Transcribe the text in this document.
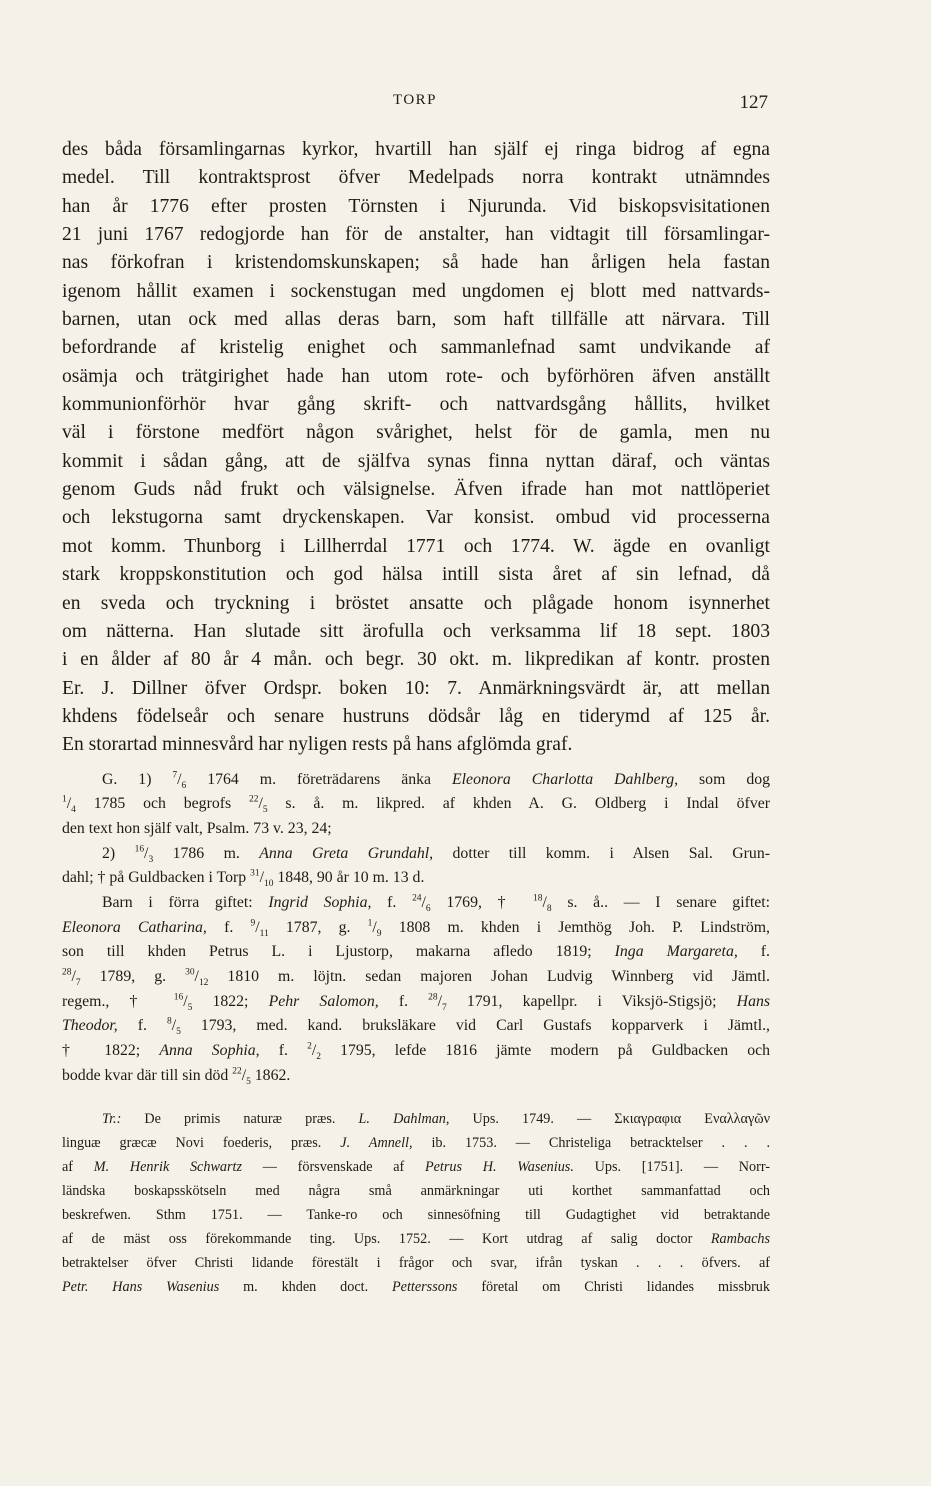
TORP	127
des båda församlingarnas kyrkor, hvartill han själf ej ringa bidrog af egna
medel. Till kontraktsprost öfver Medelpads norra kontrakt utnämndes
han år 1776 efter prosten Törnsten i Njurunda. Vid biskopsvisitationen
21 juni 1767 redogjorde han för de anstalter, han vidtagit till församlingar-
nas förkofran i kristendomskunskapen; så hade han årligen hela fastan
igenom hållit examen i sockenstugan med ungdomen ej blott med nattvards-
barnen, utan ock med allas deras barn, som haft tillfälle att närvara. Till
befordrande af kristelig enighet och sammanlefnad samt undvikande af
osämja och trätgirighet hade han utom rote- och byförhören äfven anställt
kommunionförhör hvar gång skrift- och nattvardsgång hållits, hvilket
väl i förstone medfört någon svårighet, helst för de gamla, men nu
kommit i sådan gång, att de själfva synas finna nyttan däraf, och väntas
genom Guds nåd frukt och välsignelse. Äfven ifrade han mot nattlöperiet
och lekstugorna samt dryckenskapen. Var konsist. ombud vid processerna
mot komm. Thunborg i Lillherrdal 1771 och 1774. W. ägde en ovanligt
stark kroppskonstitution och god hälsa intill sista året af sin lefnad, då
en sveda och tryckning i bröstet ansatte och plågade honom isynnerhet
om nätterna. Han slutade sitt ärofulla och verksamma lif 18 sept. 1803
i en ålder af 80 år 4 mån. och begr. 30 okt. m. likpredikan af kontr. prosten
Er. J. Dillner öfver Ordspr. boken 10: 7. Anmärkningsvärdt är, att mellan
khdens födelseår och senare hustruns dödsår låg en tiderymd af 125 år.
En storartad minnesvård har nyligen rests på hans afglömda graf.
G. 1) $^7/_6$ 1764 m. företrädarens änka Eleonora Charlotta Dahlberg, som dog
$^1/_4$ 1785 och begrofs $^{22}/_5$ s. å. m. likpred. af khden A. G. Oldberg i Indal öfver
den text hon själf valt, Psalm. 73 v. 23, 24;
2) $^{16}/_3$ 1786 m. Anna Greta Grundahl, dotter till komm. i Alsen Sal. Grun-
dahl; † på Guldbacken i Torp $^{31}/_{10}$ 1848, 90 år 10 m. 13 d.
Barn i förra giftet: Ingrid Sophia, f. $^{24}/_6$ 1769, † $^{18}/_8$ s. å.. — I senare giftet:
Eleonora Catharina, f. $^9/_{11}$ 1787, g. $^1/_9$ 1808 m. khden i Jemthög Joh. P. Lindström,
son till khden Petrus L. i Ljustorp, makarna afledo 1819; Inga Margareta, f.
$^{28}/_7$ 1789, g. $^{30}/_{12}$ 1810 m. löjtn. sedan majoren Johan Ludvig Winnberg vid Jämtl.
regem., † $^{16}/_5$ 1822; Pehr Salomon, f. $^{28}/_7$ 1791, kapellpr. i Viksjö-Stigsjö; Hans
Theodor, f. $^8/_5$ 1793, med. kand. bruksläkare vid Carl Gustafs kopparverk i Jämtl.,
† 1822; Anna Sophia, f. $^2/_2$ 1795, lefde 1816 jämte modern på Guldbacken och
bodde kvar där till sin död $^{22}/_5$ 1862.
Tr.: De primis naturæ præs. L. Dahlman, Ups. 1749. — Σκιαγραφια Εναλλαγῶν
linguæ græcæ Novi foederis, præs. J. Amnell, ib. 1753. — Christeliga betracktelser . . .
af M. Henrik Schwartz — försvenskade af Petrus H. Wasenius. Ups. [1751]. — Norr-
ländska boskapsskötseln med några små anmärkningar uti korthet sammanfattad och
beskrefwen. Sthm 1751. — Tanke-ro och sinnesöfning till Gudagtighet vid betraktande
af de mäst oss förekommande ting. Ups. 1752. — Kort utdrag af salig doctor Rambachs
betraktelser öfver Christi lidande förestält i frågor och svar, ifrån tyskan . . . öfvers. af
Petr. Hans Wasenius m. khden doct. Petterssons företal om Christi lidandes missbruk
